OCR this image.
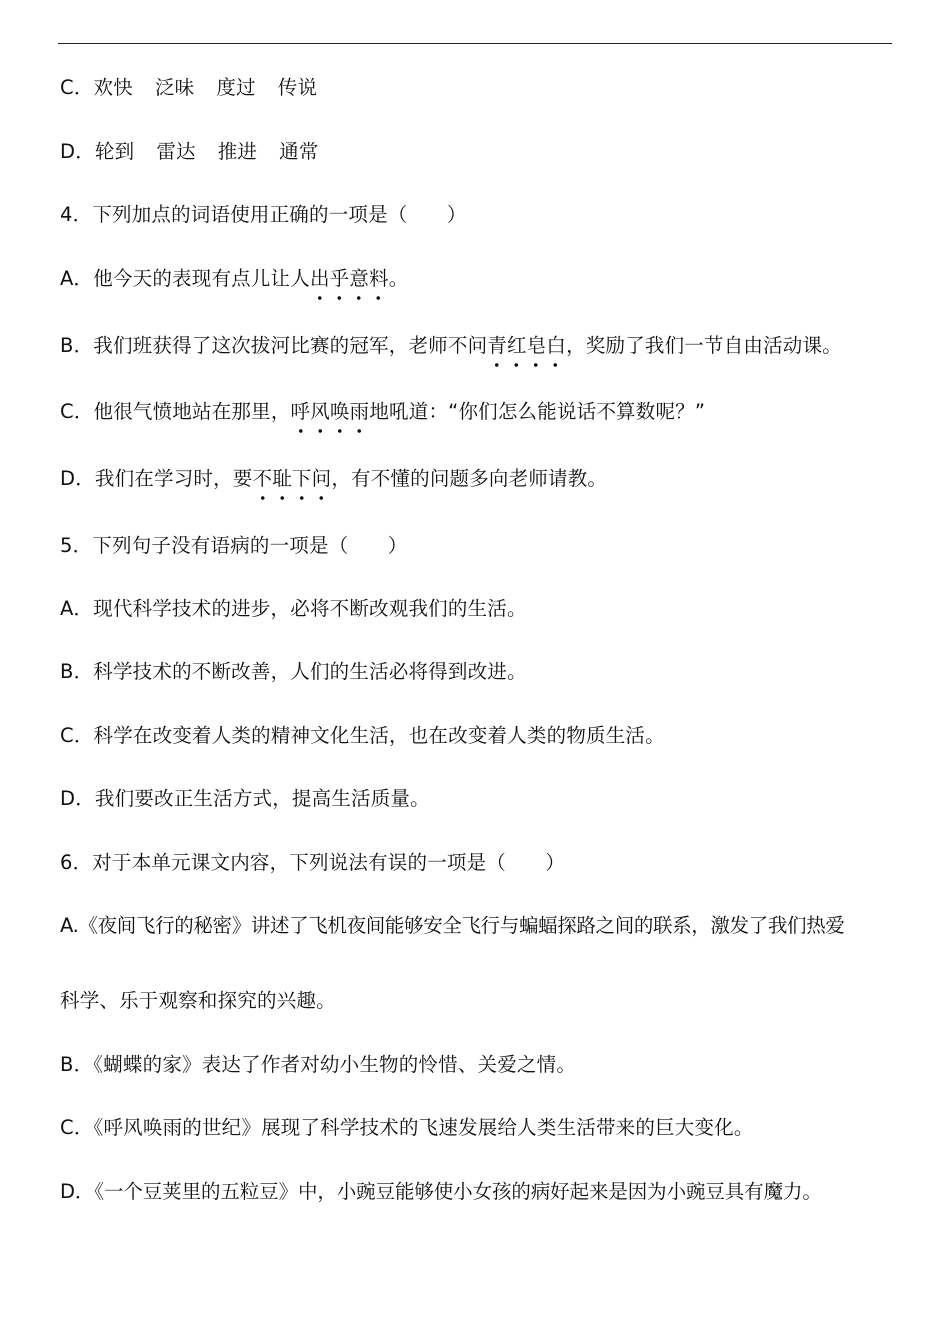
C．欢快 泛味 度过 传说
D．轮到 雷达 推进 通常
4．下列加点的词语使用正确的一项是（　　）
A．他今天的表现有点儿让人出乎意料。
B．我们班获得了这次拔河比赛的冠军，老师不问青红皂白，奖励了我们一节自由活动课。
C．他很气愤地站在那里，呼风唤雨地吼道：“你们怎么能说话不算数呢？”
D．我们在学习时，要不耻下问，有不懂的问题多向老师请教。
5．下列句子没有语病的一项是（　　）
A．现代科学技术的进步，必将不断改观我们的生活。
B．科学技术的不断改善，人们的生活必将得到改进。
C．科学在改变着人类的精神文化生活，也在改变着人类的物质生活。
D．我们要改正生活方式，提高生活质量。
6．对于本单元课文内容，下列说法有误的一项是（　　）
A.《夜间飞行的秘密》讲述了飞机夜间能够安全飞行与蝙蝠探路之间的联系，激发了我们热爱
科学、乐于观察和探究的兴趣。
B．《蝴蝶的家》表达了作者对幼小生物的怜惜、关爱之情。
C．《呼风唤雨的世纪》展现了科学技术的飞速发展给人类生活带来的巨大变化。
D．《一个豆荚里的五粒豆》中，小豌豆能够使小女孩的病好起来是因为小豌豆具有魔力。
